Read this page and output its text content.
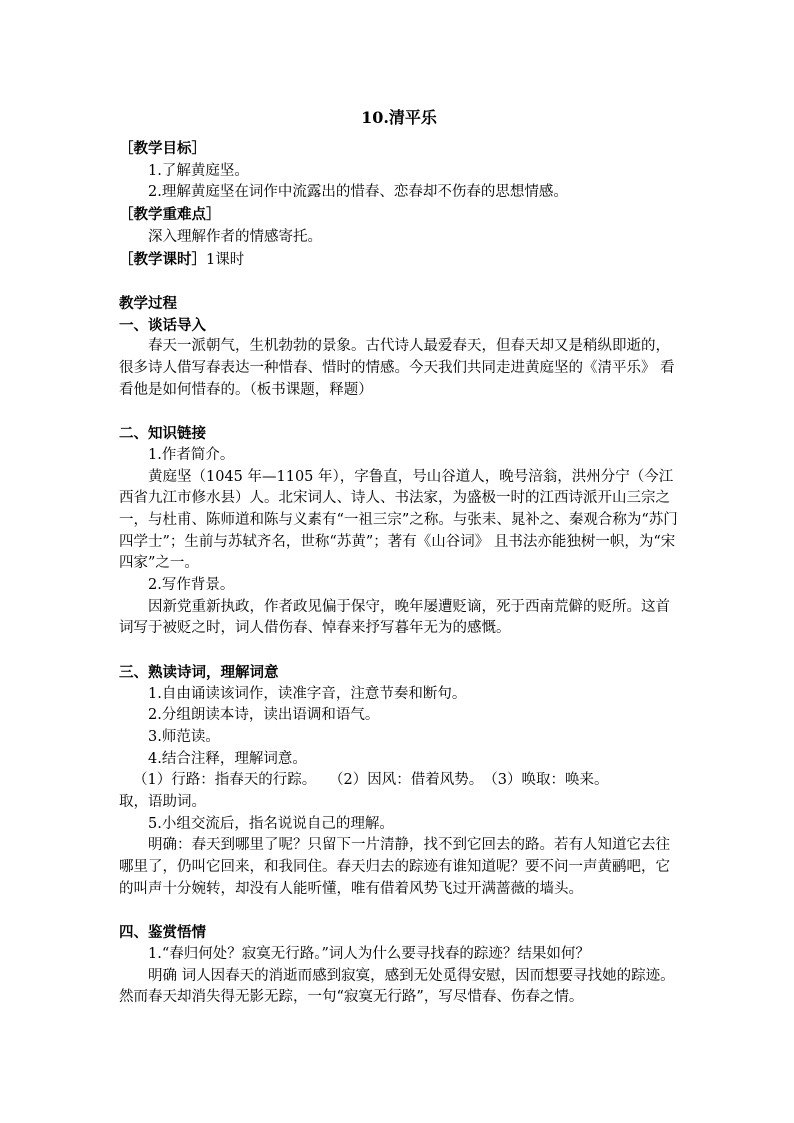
10.清平乐

［教学目标］

1.了解黄庭坚。

2.理解黄庭坚在词作中流露出的惜春、恋春却不伤春的思想情感。

［教学重难点］

深入理解作者的情感寄托。

［教学课时］1课时

教学过程

一、谈话导入

春天一派朝气，生机勃勃的景象。古代诗人最爱春天，但春天却又是稍纵即逝的，很多诗人借写春表达一种惜春、惜时的情感。今天我们共同走进黄庭坚的《清平乐》 看看他是如何惜春的。（板书课题，释题）

二、知识链接

1.作者简介。

黄庭坚（1045 年—1105 年），字鲁直，号山谷道人，晚号涪翁，洪州分宁（今江西省九江市修水县）人。北宋词人、诗人、书法家，为盛极一时的江西诗派开山三宗之一，与杜甫、陈师道和陈与义素有“一祖三宗”之称。与张耒、晁补之、秦观合称为“苏门四学士”；生前与苏轼齐名，世称“苏黄”；著有《山谷词》 且书法亦能独树一帜，为“宋四家”之一。

2.写作背景。

因新党重新执政，作者政见偏于保守，晚年屡遭贬谪，死于西南荒僻的贬所。这首词写于被贬之时，词人借伤春、悼春来抒写暮年无为的感慨。

三、熟读诗词，理解词意

1.自由诵读该词作，读准字音，注意节奏和断句。

2.分组朗读本诗，读出语调和语气。

3.师范读。

4.结合注释，理解词意。

（1）行路：指春天的行踪。 （2）因风：借着风势。（3）唤取：唤来。

取，语助词。

5.小组交流后，指名说说自己的理解。

明确：春天到哪里了呢？只留下一片清静，找不到它回去的路。若有人知道它去往哪里了，仍叫它回来，和我同住。春天归去的踪迹有谁知道呢？要不问一声黄鹂吧，它的叫声十分婉转，却没有人能听懂，唯有借着风势飞过开满蔷薇的墙头。

四、鉴赏悟情

1.“春归何处？寂寞无行路。”词人为什么要寻找春的踪迹？结果如何？

明确 词人因春天的消逝而感到寂寞，感到无处觅得安慰，因而想要寻找她的踪迹。然而春天却消失得无影无踪，一句“寂寞无行路”，写尽惜春、伤春之情。
